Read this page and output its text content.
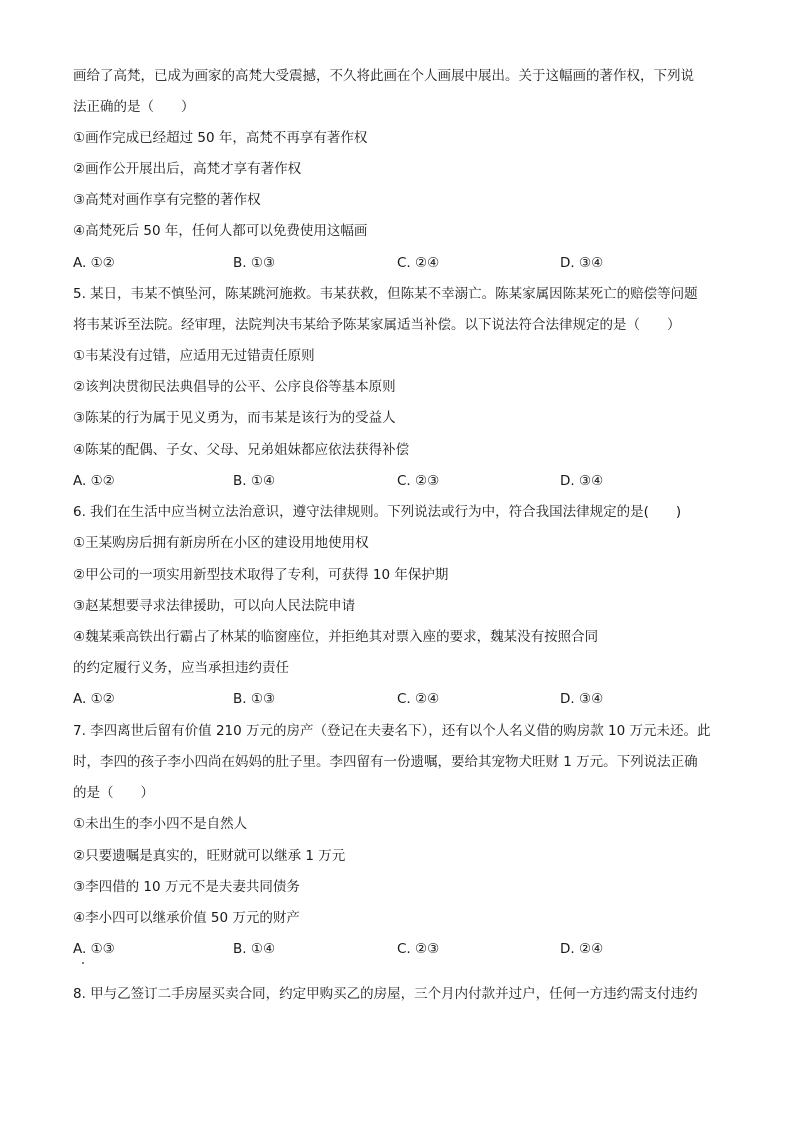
画给了高梵，已成为画家的高梵大受震撼，不久将此画在个人画展中展出。关于这幅画的著作权，下列说
法正确的是（　　）
①画作完成已经超过 50 年，高梵不再享有著作权
②画作公开展出后，高梵才享有著作权
③高梵对画作享有完整的著作权
④高梵死后 50 年，任何人都可以免费使用这幅画
A. ①②	B. ①③	C. ②④	D. ③④
5. 某日，韦某不慎坠河，陈某跳河施救。韦某获救，但陈某不幸溺亡。陈某家属因陈某死亡的赔偿等问题
将韦某诉至法院。经审理，法院判决韦某给予陈某家属适当补偿。以下说法符合法律规定的是（　　）
①韦某没有过错，应适用无过错责任原则
②该判决贯彻民法典倡导的公平、公序良俗等基本原则
③陈某的行为属于见义勇为，而韦某是该行为的受益人
④陈某的配偶、子女、父母、兄弟姐妹都应依法获得补偿
A. ①②	B. ①④	C. ②③	D. ③④
6. 我们在生活中应当树立法治意识，遵守法律规则。下列说法或行为中，符合我国法律规定的是(　　)
①王某购房后拥有新房所在小区的建设用地使用权
②甲公司的一项实用新型技术取得了专利，可获得 10 年保护期
③赵某想要寻求法律援助，可以向人民法院申请
④魏某乘高铁出行霸占了林某的临窗座位，并拒绝其对票入座的要求，魏某没有按照合同
的约定履行义务，应当承担违约责任
A. ①②	B. ①③	C. ②④	D. ③④
7. 李四离世后留有价值 210 万元的房产（登记在夫妻名下），还有以个人名义借的购房款 10 万元未还。此
时，李四的孩子李小四尚在妈妈的肚子里。李四留有一份遗嘱，要给其宠物犬旺财 1 万元。下列说法正确
的是（　　）
①未出生的李小四不是自然人
②只要遗嘱是真实的，旺财就可以继承 1 万元
③李四借的 10 万元不是夫妻共同债务
④李小四可以继承价值 50 万元的财产
A. ①③	B. ①④	C. ②③	D. ②④
8. 甲与乙签订二手房屋买卖合同，约定甲购买乙的房屋，三个月内付款并过户，任何一方违约需支付违约
